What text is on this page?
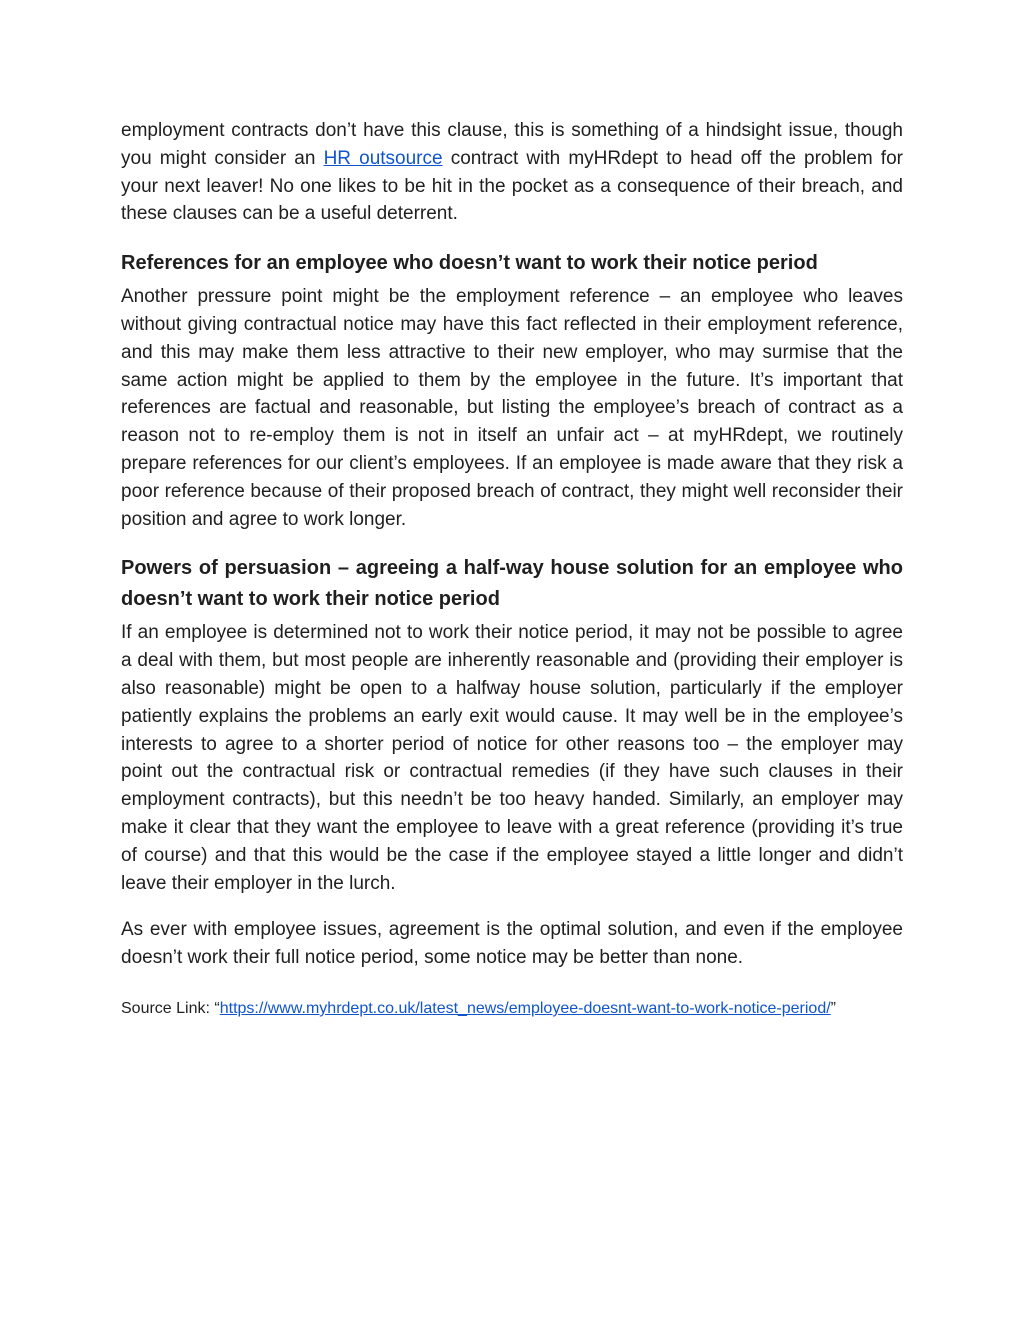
employment contracts don’t have this clause, this is something of a hindsight issue, though you might consider an HR outsource contract with myHRdept to head off the problem for your next leaver! No one likes to be hit in the pocket as a consequence of their breach, and these clauses can be a useful deterrent.

References for an employee who doesn’t want to work their notice period

Another pressure point might be the employment reference – an employee who leaves without giving contractual notice may have this fact reflected in their employment reference, and this may make them less attractive to their new employer, who may surmise that the same action might be applied to them by the employee in the future. It’s important that references are factual and reasonable, but listing the employee’s breach of contract as a reason not to re-employ them is not in itself an unfair act – at myHRdept, we routinely prepare references for our client’s employees. If an employee is made aware that they risk a poor reference because of their proposed breach of contract, they might well reconsider their position and agree to work longer.

Powers of persuasion – agreeing a half-way house solution for an employee who doesn’t want to work their notice period

If an employee is determined not to work their notice period, it may not be possible to agree a deal with them, but most people are inherently reasonable and (providing their employer is also reasonable) might be open to a halfway house solution, particularly if the employer patiently explains the problems an early exit would cause. It may well be in the employee’s interests to agree to a shorter period of notice for other reasons too – the employer may point out the contractual risk or contractual remedies (if they have such clauses in their employment contracts), but this needn’t be too heavy handed. Similarly, an employer may make it clear that they want the employee to leave with a great reference (providing it’s true of course) and that this would be the case if the employee stayed a little longer and didn’t leave their employer in the lurch.

As ever with employee issues, agreement is the optimal solution, and even if the employee doesn’t work their full notice period, some notice may be better than none.

Source Link: “https://www.myhrdept.co.uk/latest_news/employee-doesnt-want-to-work-notice-period/”
